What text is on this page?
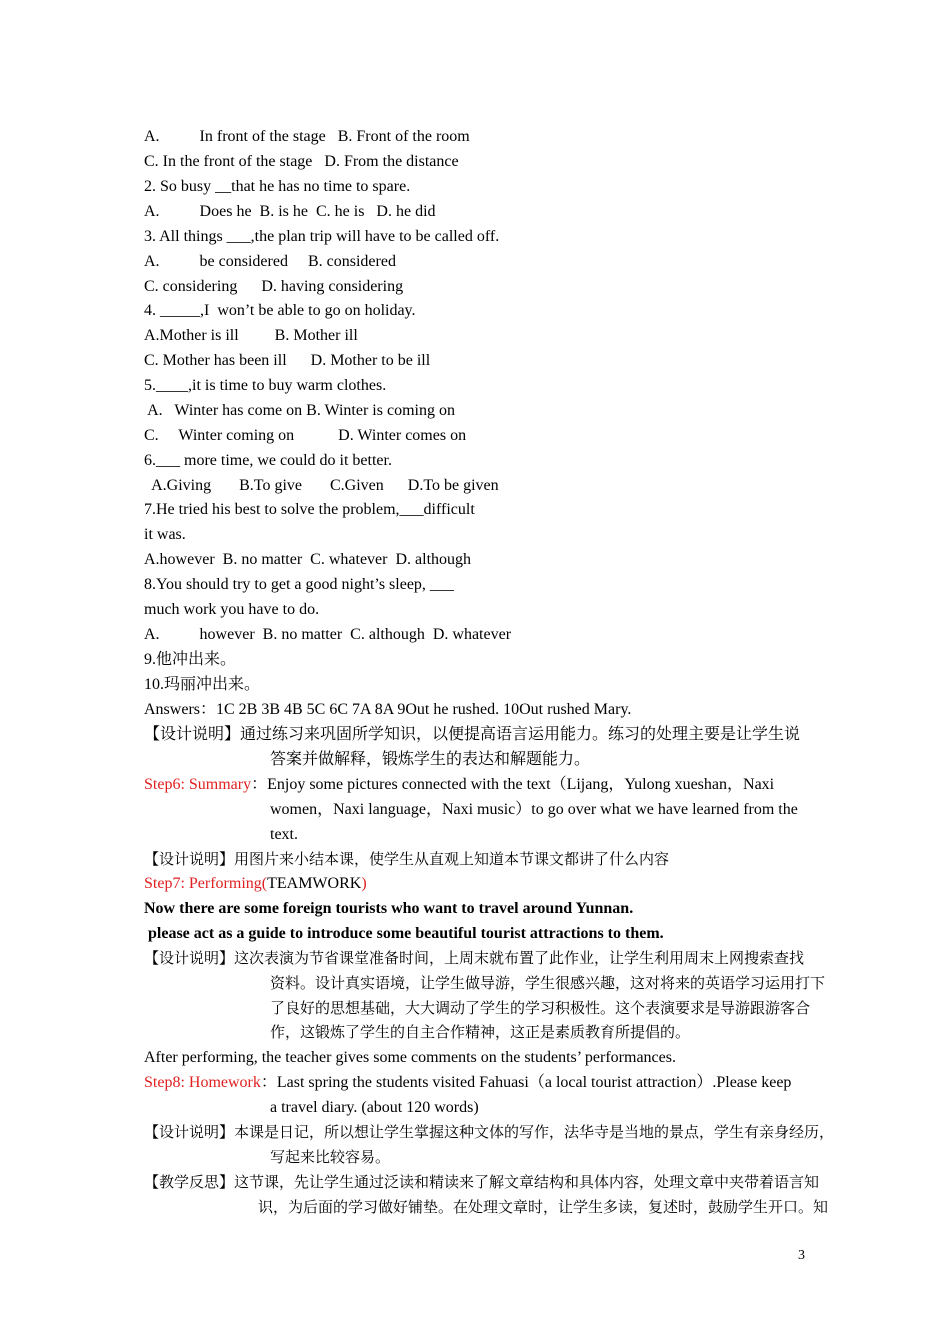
A.          In front of the stage   B. Front of the room
C. In the front of the stage   D. From the distance
2. So busy __that he has no time to spare.
A.          Does he  B. is he  C. he is   D. he did
3. All things ___,the plan trip will have to be called off.
A.          be considered     B. considered
C. considering      D. having considering
4. _____,I  won’t be able to go on holiday.
A.Mother is ill         B. Mother ill
C. Mother has been ill      D. Mother to be ill
5.____,it is time to buy warm clothes.
A.   Winter has come on B. Winter is coming on
C.     Winter coming on           D. Winter comes on
6.___ more time, we could do it better.
A.Giving       B.To give       C.Given      D.To be given
7.He tried his best to solve the problem,___difficult
it was.
A.however  B. no matter  C. whatever  D. although
8.You should try to get a good night’s sleep, ___
much work you have to do.
A.          however  B. no matter  C. although  D. whatever
9.他冲出来。
10.玛丽冲出来。
Answers：1C 2B 3B 4B 5C 6C 7A 8A 9Out he rushed. 10Out rushed Mary.
【设计说明】通过练习来巩固所学知识，以便提高语言运用能力。练习的处理主要是让学生说
答案并做解释，锻炼学生的表达和解题能力。
Step6: Summary：Enjoy some pictures connected with the text（Lijang，Yulong xueshan，Naxi
women，Naxi language，Naxi music）to go over what we have learned from the
text.
【设计说明】用图片来小结本课，使学生从直观上知道本节课文都讲了什么内容
Step7: Performing(TEAMWORK)
Now there are some foreign tourists who want to travel around Yunnan.
please act as a guide to introduce some beautiful tourist attractions to them.
【设计说明】这次表演为节省课堂准备时间，上周末就布置了此作业，让学生利用周末上网搜索查找
资料。设计真实语境，让学生做导游，学生很感兴趣，这对将来的英语学习运用打下
了良好的思想基础，大大调动了学生的学习积极性。这个表演要求是导游跟游客合
作，这锻炼了学生的自主合作精神，这正是素质教育所提倡的。
After performing, the teacher gives some comments on the students’ performances.
Step8: Homework：Last spring the students visited Fahuasi（a local tourist attraction）.Please keep
a travel diary. (about 120 words)
【设计说明】本课是日记，所以想让学生掌握这种文体的写作，法华寺是当地的景点，学生有亲身经历，
写起来比较容易。
【教学反思】这节课，先让学生通过泛读和精读来了解文章结构和具体内容，处理文章中夹带着语言知
识，为后面的学习做好铺垫。在处理文章时，让学生多读，复述时，鼓励学生开口。知
3
